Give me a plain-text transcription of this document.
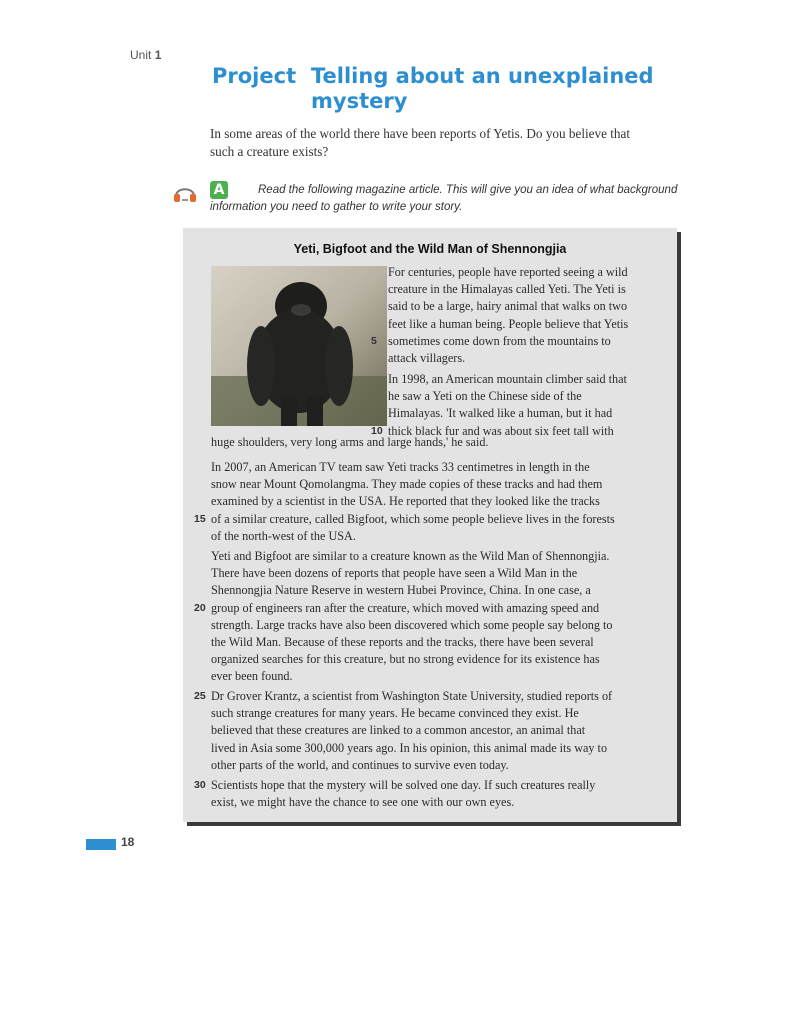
Unit 1
Project Telling about an unexplained
mystery
In some areas of the world there have been reports of Yetis. Do you believe that
such a creature exists?
A	Read the following magazine article. This will give you an idea of what background
information you need to gather to write your story.
Yeti, Bigfoot and the Wild Man of Shennongjia
For centuries, people have reported seeing a wild
creature in the Himalayas called Yeti. The Yeti is
said to be a large, hairy animal that walks on two
feet like a human being. People believe that Yetis
5 sometimes come down from the mountains to
attack villagers.
In 1998, an American mountain climber said that
he saw a Yeti on the Chinese side of the
Himalayas. 'It walked like a human, but it had
10 thick black fur and was about six feet tall with
huge shoulders, very long arms and large hands,' he said.
In 2007, an American TV team saw Yeti tracks 33 centimetres in length in the
snow near Mount Qomolangma. They made copies of these tracks and had them
examined by a scientist in the USA. He reported that they looked like the tracks
15 of a similar creature, called Bigfoot, which some people believe lives in the forests
of the north-west of the USA.
Yeti and Bigfoot are similar to a creature known as the Wild Man of Shennongjia.
There have been dozens of reports that people have seen a Wild Man in the
Shennongjia Nature Reserve in western Hubei Province, China. In one case, a
20 group of engineers ran after the creature, which moved with amazing speed and
strength. Large tracks have also been discovered which some people say belong to
the Wild Man. Because of these reports and the tracks, there have been several
organized searches for this creature, but no strong evidence for its existence has
ever been found.
25 Dr Grover Krantz, a scientist from Washington State University, studied reports of
such strange creatures for many years. He became convinced they exist. He
believed that these creatures are linked to a common ancestor, an animal that
lived in Asia some 300,000 years ago. In his opinion, this animal made its way to
other parts of the world, and continues to survive even today.
30 Scientists hope that the mystery will be solved one day. If such creatures really
exist, we might have the chance to see one with our own eyes.
18
